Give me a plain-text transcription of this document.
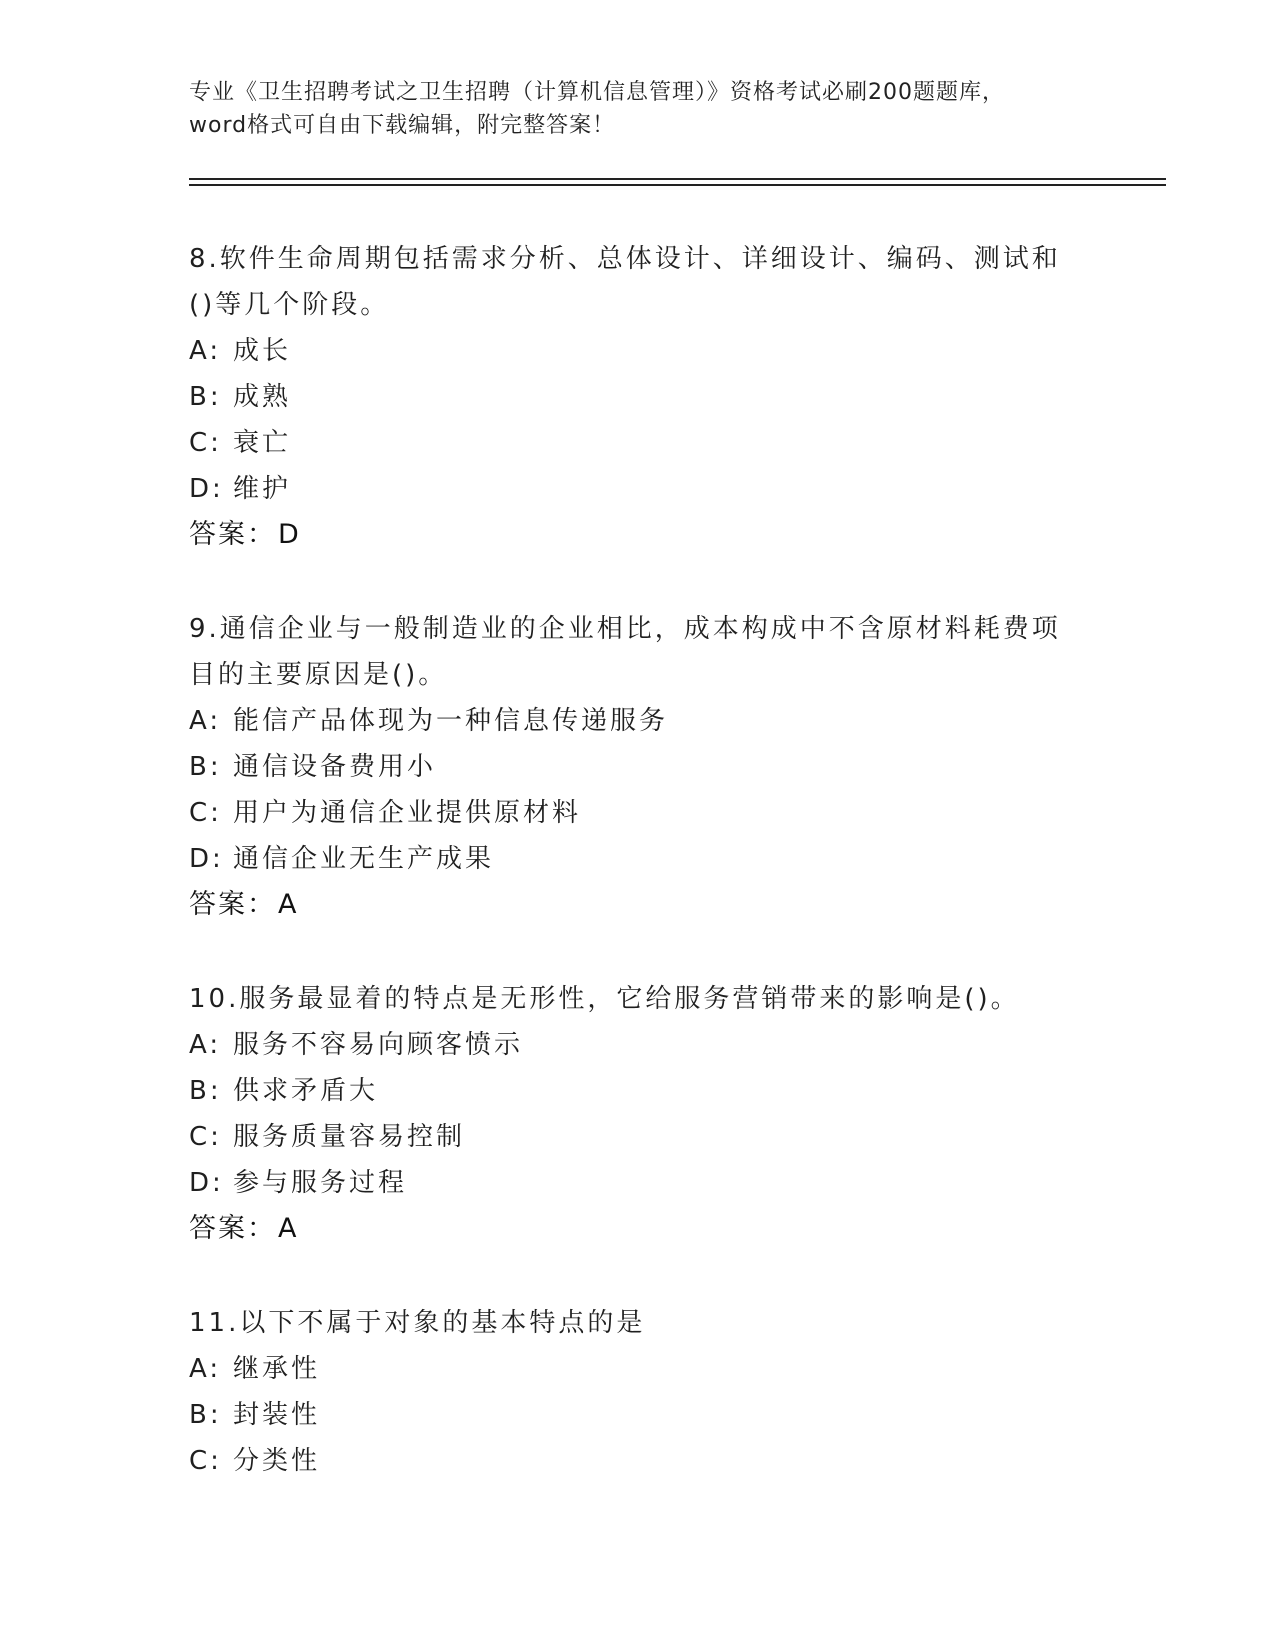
专业《卫生招聘考试之卫生招聘（计算机信息管理）》资格考试必刷200题题库，
word格式可自由下载编辑，附完整答案！
8.软件生命周期包括需求分析、总体设计、详细设计、编码、测试和
()等几个阶段。
A: 成长
B: 成熟
C: 衰亡
D: 维护
答案：D
9.通信企业与一般制造业的企业相比，成本构成中不含原材料耗费项
目的主要原因是()。
A: 能信产品体现为一种信息传递服务
B: 通信设备费用小
C: 用户为通信企业提供原材料
D: 通信企业无生产成果
答案：A
10.服务最显着的特点是无形性，它给服务营销带来的影响是()。
A: 服务不容易向顾客愤示
B: 供求矛盾大
C: 服务质量容易控制
D: 参与服务过程
答案：A
11.以下不属于对象的基本特点的是
A: 继承性
B: 封装性
C: 分类性
